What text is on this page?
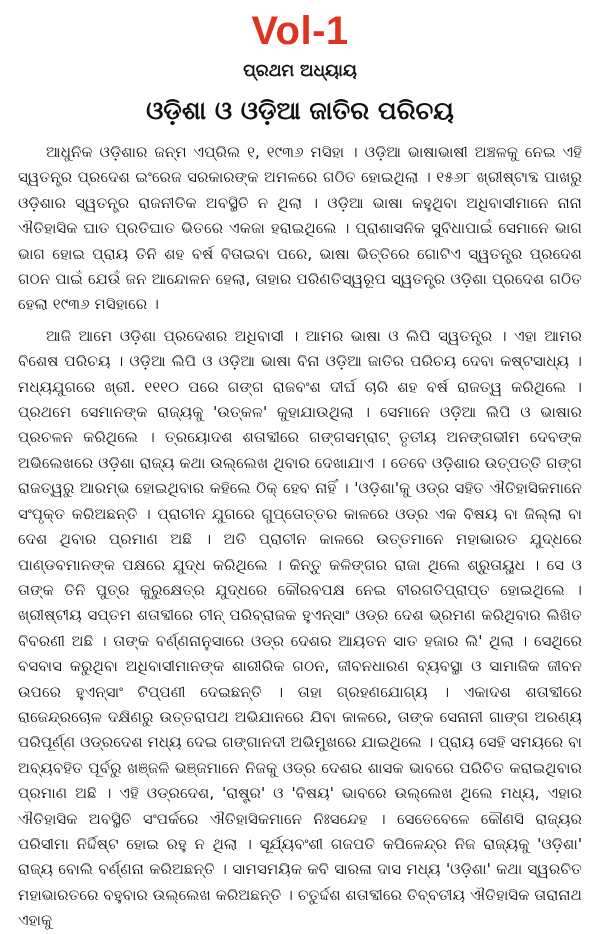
Vol-1
ପ୍ରଥମ ଅଧ୍ୟାୟ
ଓଡ଼ିଶା ଓ ଓଡ଼ିଆ ଜାତିର ପରିଚୟ

ଆଧୁନିକ ଓଡ଼ିଶାର ଜନ୍ମ ଏପ୍ରିଲ ୧, ୧୯୩୬ ମସିହା । ଓଡ଼ିଆ ଭାଷାଭାଷୀ ଅଞ୍ଚଳକୁ ନେଇ ଏହି ସ୍ୱତନ୍ତ୍ର ପ୍ରଦେଶ ଇଂରେଜ ସରକାରଙ୍କ ଅମଳରେ ଗଠିତ ହୋଇଥିଲା । ୧୫୬୮ ଖ୍ରୀଷ୍ଟାବ୍ଦ ପାଖରୁ ଓଡ଼ିଶାର ସ୍ୱତନ୍ତ୍ର ରାଜନୀତିକ ଅବସ୍ଥିତି ନ ଥିଲା । ଓଡ଼ିଆ ଭାଷା କହୁଥିବା ଅଧିବାସୀମାନେ ନାନା ଐତିହାସିକ ଘାତ ପ୍ରତିଘାତ ଭିତରେ ଏକଜା ହରାଇଥିଲେ । ପ୍ରାଶାସନିକ ସୁବିଧାପାଇଁ ସେମାନେ ଭାଗ ଭାଗ ହୋଇ ପ୍ରାୟ ତିନି ଶହ ବର୍ଷ ବିତାଇବା ପରେ, ଭାଷା ଭିତ୍ତିରେ ଗୋଟିଏ ସ୍ୱତନ୍ତ୍ର ପ୍ରଦେଶ ଗଠନ ପାଇଁ ଯେଉଁ ଜନ ଆନ୍ଦୋଳନ ହେଲା, ତାହାର ପରିଣତିସ୍ୱରୂପ ସ୍ୱତନ୍ତ୍ର ଓଡ଼ିଶା ପ୍ରଦେଶ ଗଠିତ ହେଲା ୧୯୩୬ ମସିହାରେ ।

ଆଜି ଆମେ ଓଡ଼ିଶା ପ୍ରଦେଶର ଅଧିବାସୀ । ଆମର ଭାଷା ଓ ଲିପି ସ୍ୱତନ୍ତ୍ର । ଏହା ଆମର ବିଶେଷ ପରିଚୟ । ଓଡ଼ିଆ ଲିପି ଓ ଓଡ଼ିଆ ଭାଷା ବିନା ଓଡ଼ିଆ ଜାତିର ପରିଚୟ ଦେବା କଷ୍ଟସାଧ୍ୟ । ମଧ୍ୟଯୁଗରେ ଖ୍ରୀ. ୧୧୧୦ ପରେ ଗଙ୍ଗ ରାଜବଂଶ ଦୀର୍ଘ ଚାରି ଶହ ବର୍ଷ ରାଜତ୍ୱ କରିଥିଲେ । ପ୍ରଥମେ ସେମାନଙ୍କ ରାଜ୍ୟକୁ 'ଉତ୍କଳ' କୁହାଯାଉଥିଲା । ସେମାନେ ଓଡ଼ିଆ ଲିପି ଓ ଭାଷାର ପ୍ରଚଳନ କରିଥିଲେ । ତ୍ରୟୋଦଶ ଶତାବ୍ଦୀରେ ଗଙ୍ଗସମ୍ରାଟ୍ ତୃତୀୟ ଅନଙ୍ଗଭୀମ ଦେବଙ୍କ ଅଭିଲେଖରେ ଓଡ଼ିଶା ରାଜ୍ୟ କଥା ଉଲ୍ଲେଖ ଥିବାର ଦେଖାଯାଏ । ତେବେ ଓଡ଼ିଶାର ଉତ୍ପତ୍ତି ଗଙ୍ଗ ରାଜତ୍ୱରୁ ଆରମ୍ଭ ହୋଇଥିବାର କହିଲେ ଠିକ୍ ହେବ ନାହିଁ । 'ଓଡ଼ିଶା'କୁ ଓଡ୍ର ସହିତ ଐତିହାସିକମାନେ ସଂପୃକ୍ତ କରିଅଛନ୍ତି । ପ୍ରାଚୀନ ଯୁଗରେ ଗୁପ୍ତୋତ୍ତର କାଳରେ ଓଡ୍ର ଏକ ବିଷୟ ବା ଜିଲ୍ଲା ବା ଦେଶ ଥିବାର ପ୍ରମାଣ ଅଛି । ଅତି ପ୍ରାଚୀନ କାଳରେ ଉତ୍ତମାନେ ମହାଭାରତ ଯୁଦ୍ଧରେ ପାଣ୍ଡବମାନଙ୍କ ପକ୍ଷରେ ଯୁଦ୍ଧ କରିଥିଲେ । କିନ୍ତୁ କଳିଙ୍ଗର ରାଜା ଥିଲେ ଶ୍ରୁତାୟୁଧ । ସେ ଓ ତାଙ୍କ ତିନି ପୁତ୍ର କୁରୁକ୍ଷେତ୍ର ଯୁଦ୍ଧରେ କୌରବପକ୍ଷ ନେଇ ବୀରଗତିପ୍ରାପ୍ତ ହୋଇଥିଲେ । ଖ୍ରୀଷ୍ଟୀୟ ସପ୍ତମ ଶତାବ୍ଦୀରେ ଚୀନ୍ ପରିବ୍ରାଜକ ହୁଏନ୍‌ସାଂ ଓଡ୍ର ଦେଶ ଭ୍ରମଣ କରିଥିବାର ଲିଖିତ ବିବରଣୀ ଅଛି । ତାଙ୍କ ବର୍ଣ୍ଣନାନୁସାରେ ଓଡ୍ର ଦେଶର ଆୟତନ ସାତ ହଜାର ଲି' ଥିଲା । ସେଥିରେ ବସବାସ କରୁଥିବା ଅଧିବାସୀମାନଙ୍କ ଶାରୀରିକ ଗଠନ, ଜୀବନଧାରଣ ବ୍ୟବସ୍ଥା ଓ ସାମାଜିକ ଜୀବନ ଉପରେ ହୁଏନ୍‌ସାଂ ଟିପ୍ପଣୀ ଦେଇଛନ୍ତି । ତାହା ଗ୍ରହଣଯୋଗ୍ୟ । ଏକାଦଶ ଶତାବ୍ଦୀରେ ରାଜେନ୍ଦ୍ରଚୋଳ ଦକ୍ଷିଣରୁ ଉତ୍ତରାପଥ ଅଭିଯାନରେ ଯିବା କାଳରେ, ତାଙ୍କ ସେନାନୀ ଗାଙ୍ଗ ଅରଣ୍ୟ ପରିପୂର୍ଣ୍ଣ ଓଡ୍ରଦେଶ ମଧ୍ୟ ଦେଇ ଗଙ୍ଗାନଦୀ ଅଭିମୁଖରେ ଯାଇଥିଲେ । ପ୍ରାୟ ସେହି ସମୟରେ ବା ଅବ୍ୟବହିତ ପୂର୍ବରୁ ଖଞ୍ଜଳି ଭଞ୍ଜମାନେ ନିଜକୁ ଓଡ୍ର ଦେଶର ଶାସକ ଭାବରେ ପରିଚିତ କରାଇଥିବାର ପ୍ରମାଣ ଅଛି । ଏହି ଓଡ୍ରଦେଶ, 'ରାଷ୍ଟ୍ର' ଓ 'ବିଷୟ' ଭାବରେ ଉଲ୍ଲେଖ ଥିଲେ ମଧ୍ୟ, ଏହାର ଐତିହାସିକ ଅବସ୍ଥିତି ସଂପର୍କରେ ଐତିହାସିକମାନେ ନିଃସନ୍ଦେହ । ସେତେବେଳେ କୌଣସି ରାଜ୍ୟର ପରିସୀମା ନିର୍ଦ୍ଦିଷ୍ଟ ହୋଇ ରହୁ ନ ଥିଲା । ସୂର୍ଯ୍ୟବଂଶୀ ଗଜପତି କପିଳେନ୍ଦ୍ର ନିଜ ରାଜ୍ୟକୁ 'ଓଡ଼ିଶା' ରାଜ୍ୟ ବୋଲି ବର୍ଣ୍ଣନା କରିଅଛନ୍ତି । ସାମସମୟିକ କବି ସାରଳା ଦାସ ମଧ୍ୟ 'ଓଡ଼ିଶା' କଥା ସ୍ୱରଚିତ ମହାଭାରତରେ ବହୁବାର ଉଲ୍ଲେଖ କରିଅଛନ୍ତି । ଚତୁର୍ଦ୍ଦଶ ଶତାବ୍ଦୀରେ ତିବ୍ବତୀୟ ଐତିହାସିକ ତାରାନାଥ ଏହାକୁ
